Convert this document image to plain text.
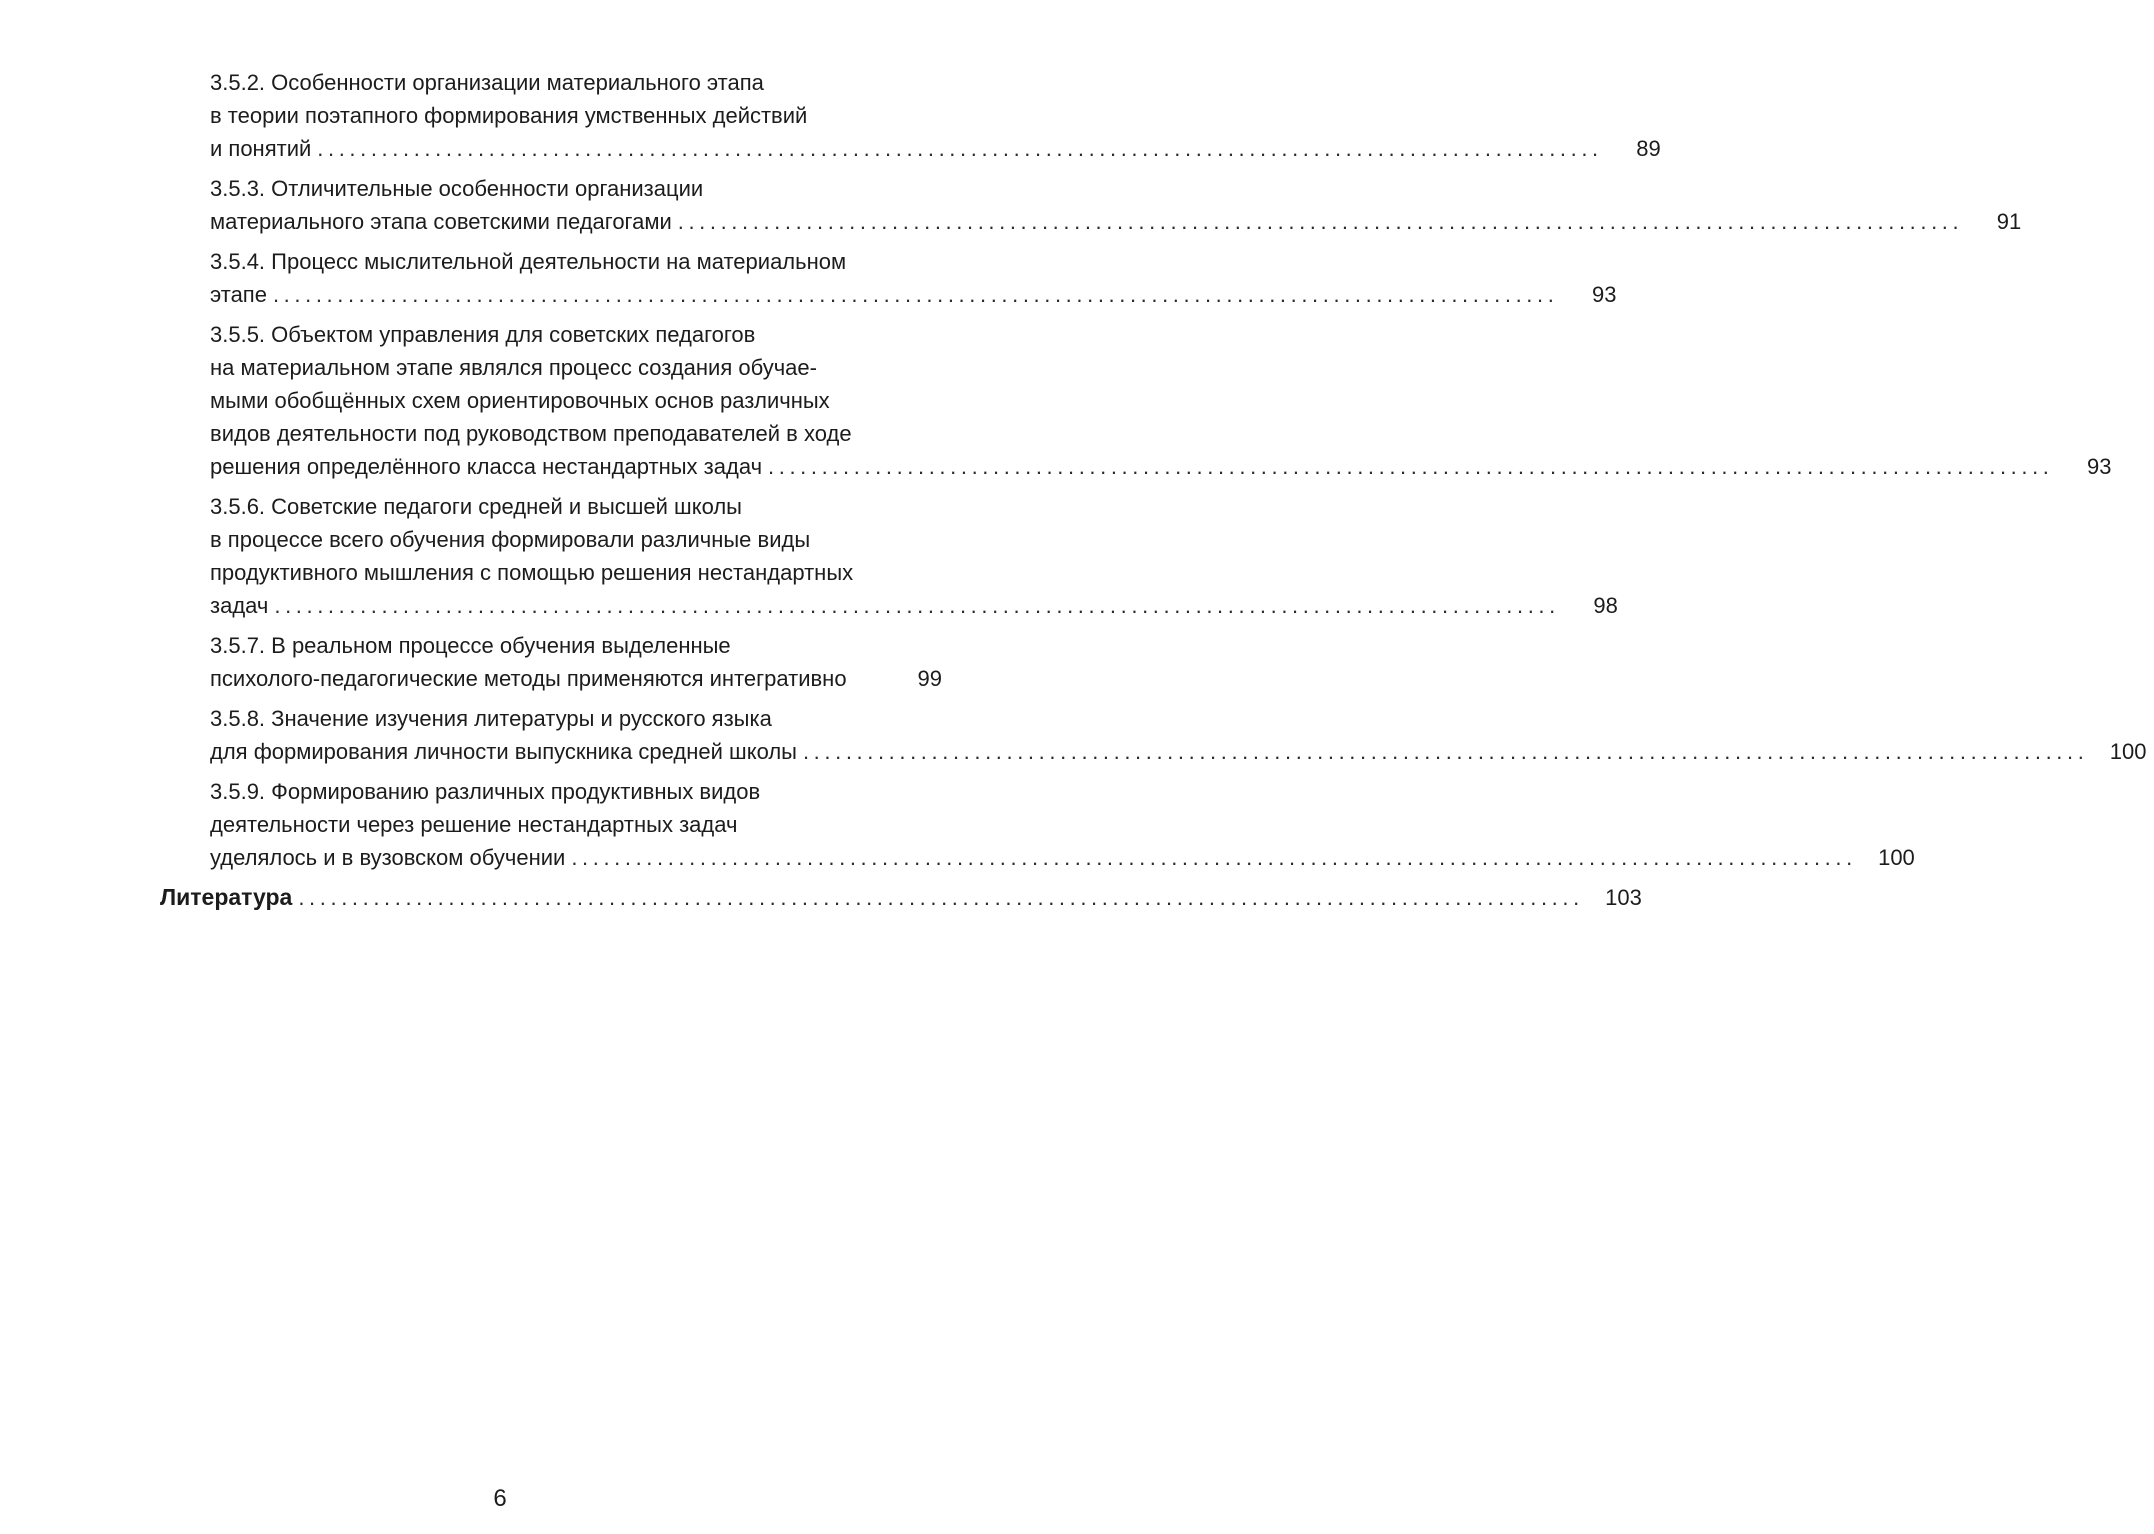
3.5.2. Особенности организации материального этапа
в теории поэтапного формирования умственных действий
и понятий ........................................................................................................................	89
3.5.3. Отличительные особенности организации
материального этапа советскими педагогами ........................................................................................................................	91
3.5.4. Процесс мыслительной деятельности на материальном
этапе ........................................................................................................................	93
3.5.5. Объектом управления для советских педагогов
на материальном этапе являлся процесс создания обучае-
мыми обобщённых схем ориентировочных основ различных
видов деятельности под руководством преподавателей в ходе
решения определённого класса нестандартных задач ........................................................................................................................	93
3.5.6. Советские педагоги средней и высшей школы
в процессе всего обучения формировали различные виды
продуктивного мышления с помощью решения нестандартных
задач ........................................................................................................................	98
3.5.7. В реальном процессе обучения выделенные
психолого-педагогические методы применяются интегративно	99
3.5.8. Значение изучения литературы и русского языка
для формирования личности выпускника средней школы ........................................................................................................................ 100
3.5.9. Формированию различных продуктивных видов
деятельности через решение нестандартных задач
уделялось и в вузовском обучении ........................................................................................................................ 100
Литература ........................................................................................................................ 103
6
